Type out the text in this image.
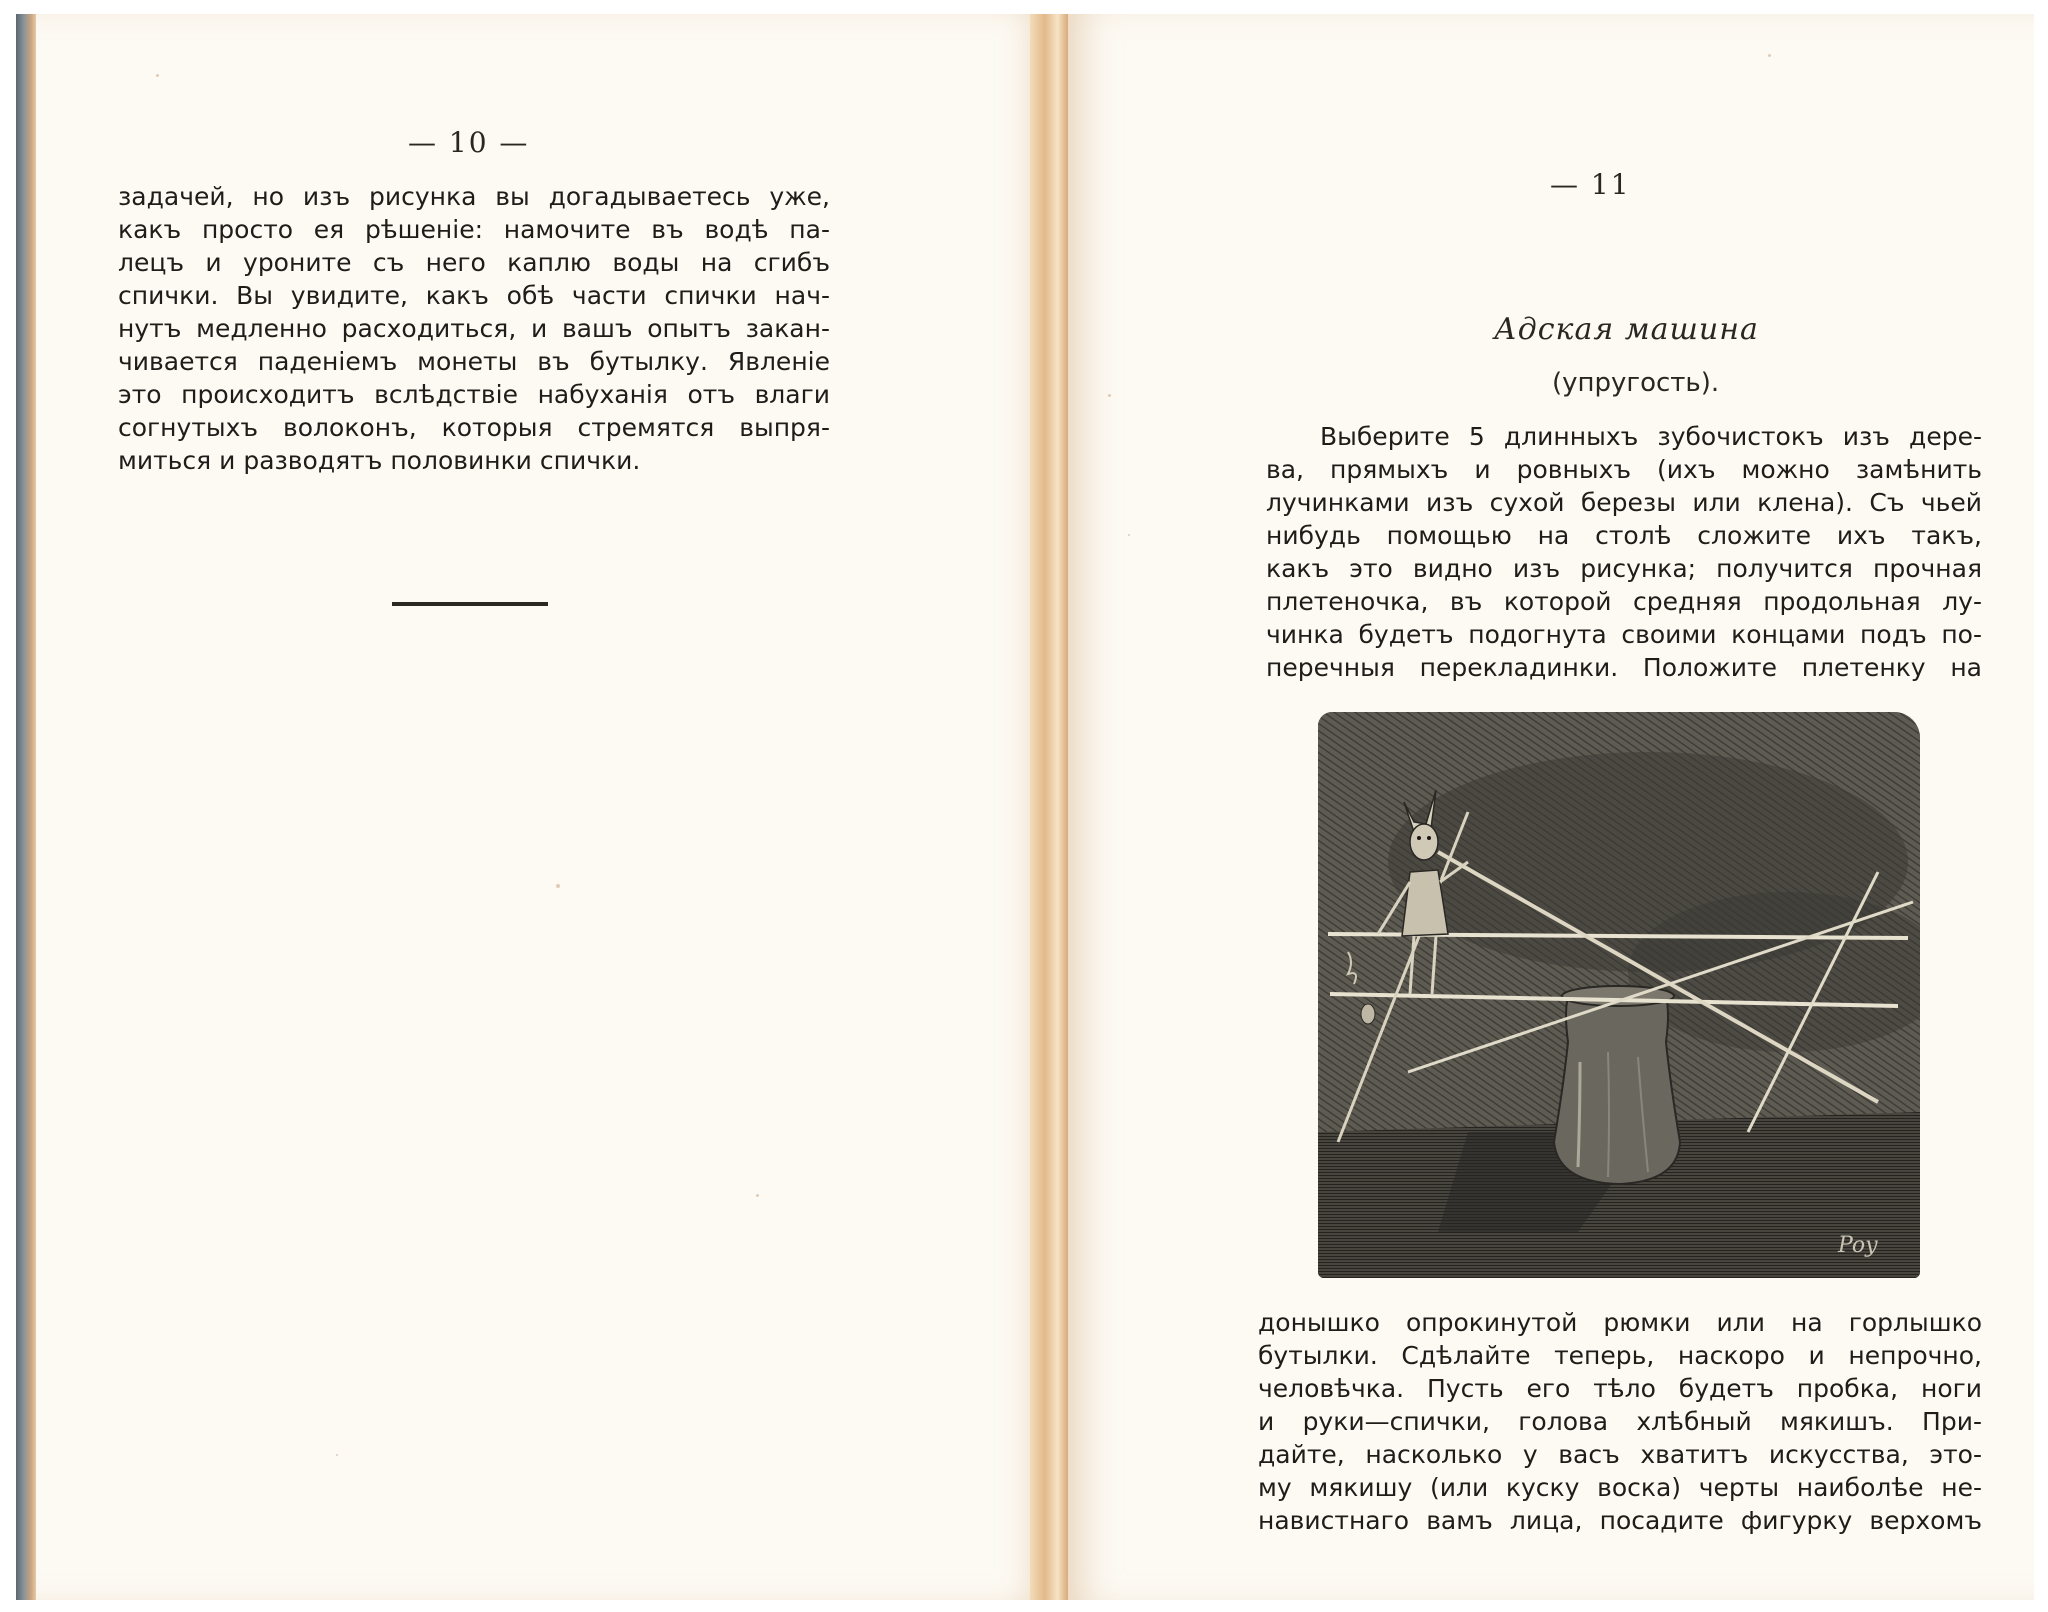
— 10 —
задачей, но изъ рисунка вы догадываетесь уже,
какъ просто ея рѣшеніе: намочите въ водѣ па-
лецъ и уроните съ него каплю воды на сгибъ
спички. Вы увидите, какъ обѣ части спички нач-
нутъ медленно расходиться, и вашъ опытъ закан-
чивается паденіемъ монеты въ бутылку. Явленіе
это происходитъ вслѣдствіе набуханія отъ влаги
согнутыхъ волоконъ, которыя стремятся выпря-
миться и разводятъ половинки спички.
— 11
Адская машина
(упругость).
Выберите 5 длинныхъ зубочистокъ изъ дере-
ва, прямыхъ и ровныхъ (ихъ можно замѣнить
лучинками изъ сухой березы или клена). Съ чьей
нибудь помощью на столѣ сложите ихъ такъ,
какъ это видно изъ рисунка; получится прочная
плетеночка, въ которой средняя продольная лу-
чинка будетъ подогнута своими концами подъ по-
перечныя перекладинки. Положите плетенку на
Poy
донышко опрокинутой рюмки или на горлышко
бутылки. Сдѣлайте теперь, наскоро и непрочно,
человѣчка. Пусть его тѣло будетъ пробка, ноги
и руки—спички, голова хлѣбный мякишъ. При-
дайте, насколько у васъ хватитъ искусства, это-
му мякишу (или куску воска) черты наиболѣе не-
навистнаго вамъ лица, посадите фигурку верхомъ
